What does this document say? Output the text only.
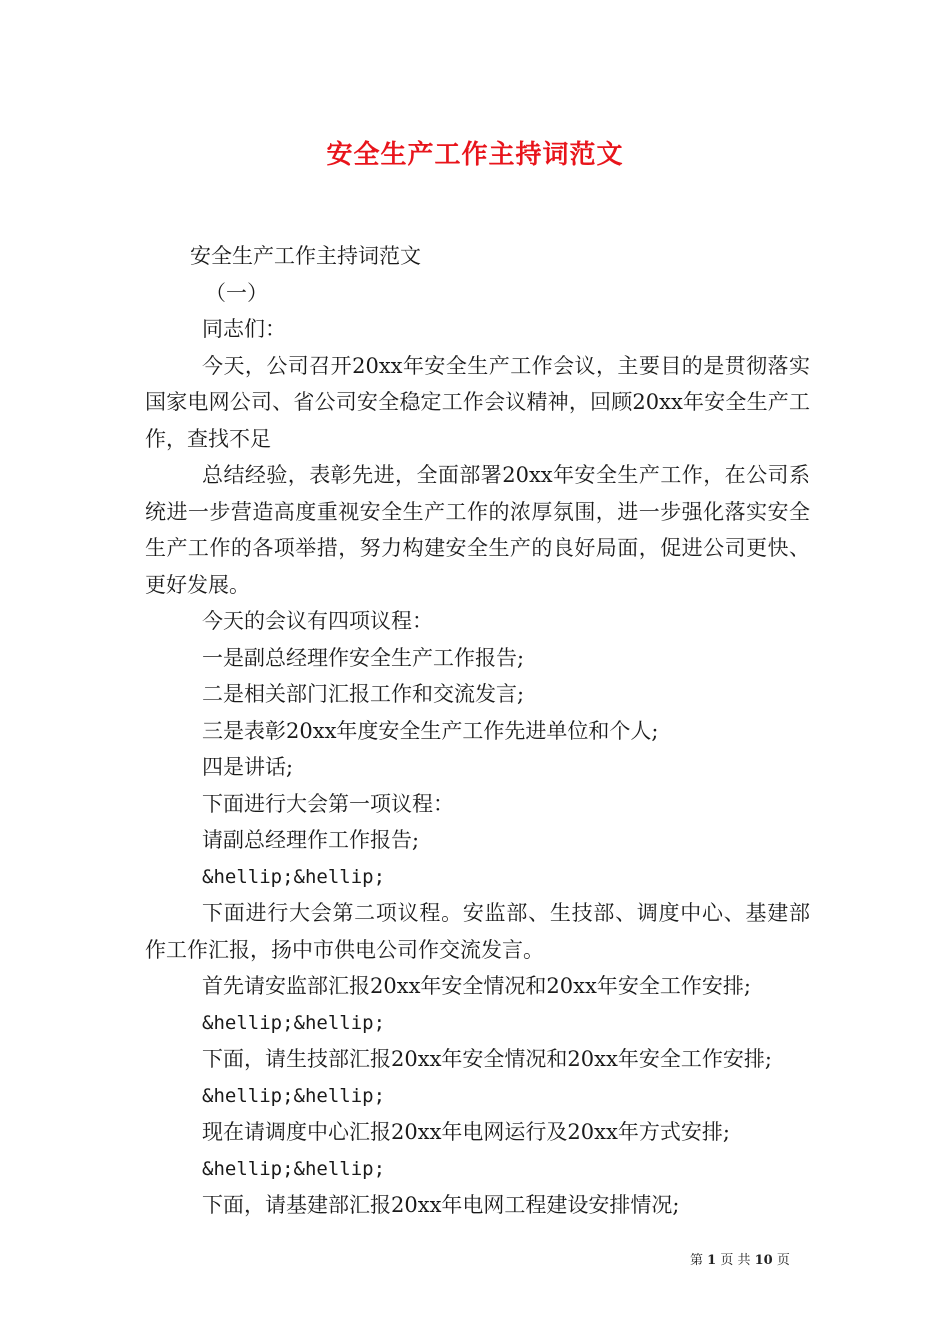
安全生产工作主持词范文

安全生产工作主持词范文

（一）

同志们：

今天，公司召开20xx年安全生产工作会议，主要目的是贯彻落实国家电网公司、省公司安全稳定工作会议精神，回顾20xx年安全生产工作，查找不足

总结经验，表彰先进，全面部署20xx年安全生产工作，在公司系统进一步营造高度重视安全生产工作的浓厚氛围，进一步强化落实安全生产工作的各项举措，努力构建安全生产的良好局面，促进公司更快、更好发展。

今天的会议有四项议程：

一是副总经理作安全生产工作报告;

二是相关部门汇报工作和交流发言;

三是表彰20xx年度安全生产工作先进单位和个人;

四是讲话;

下面进行大会第一项议程：

请副总经理作工作报告;

&hellip;&hellip;

下面进行大会第二项议程。安监部、生技部、调度中心、基建部作工作汇报，扬中市供电公司作交流发言。

首先请安监部汇报20xx年安全情况和20xx年安全工作安排;

&hellip;&hellip;

下面，请生技部汇报20xx年安全情况和20xx年安全工作安排;

&hellip;&hellip;

现在请调度中心汇报20xx年电网运行及20xx年方式安排;

&hellip;&hellip;

下面，请基建部汇报20xx年电网工程建设安排情况;

第 1 页 共 10 页
